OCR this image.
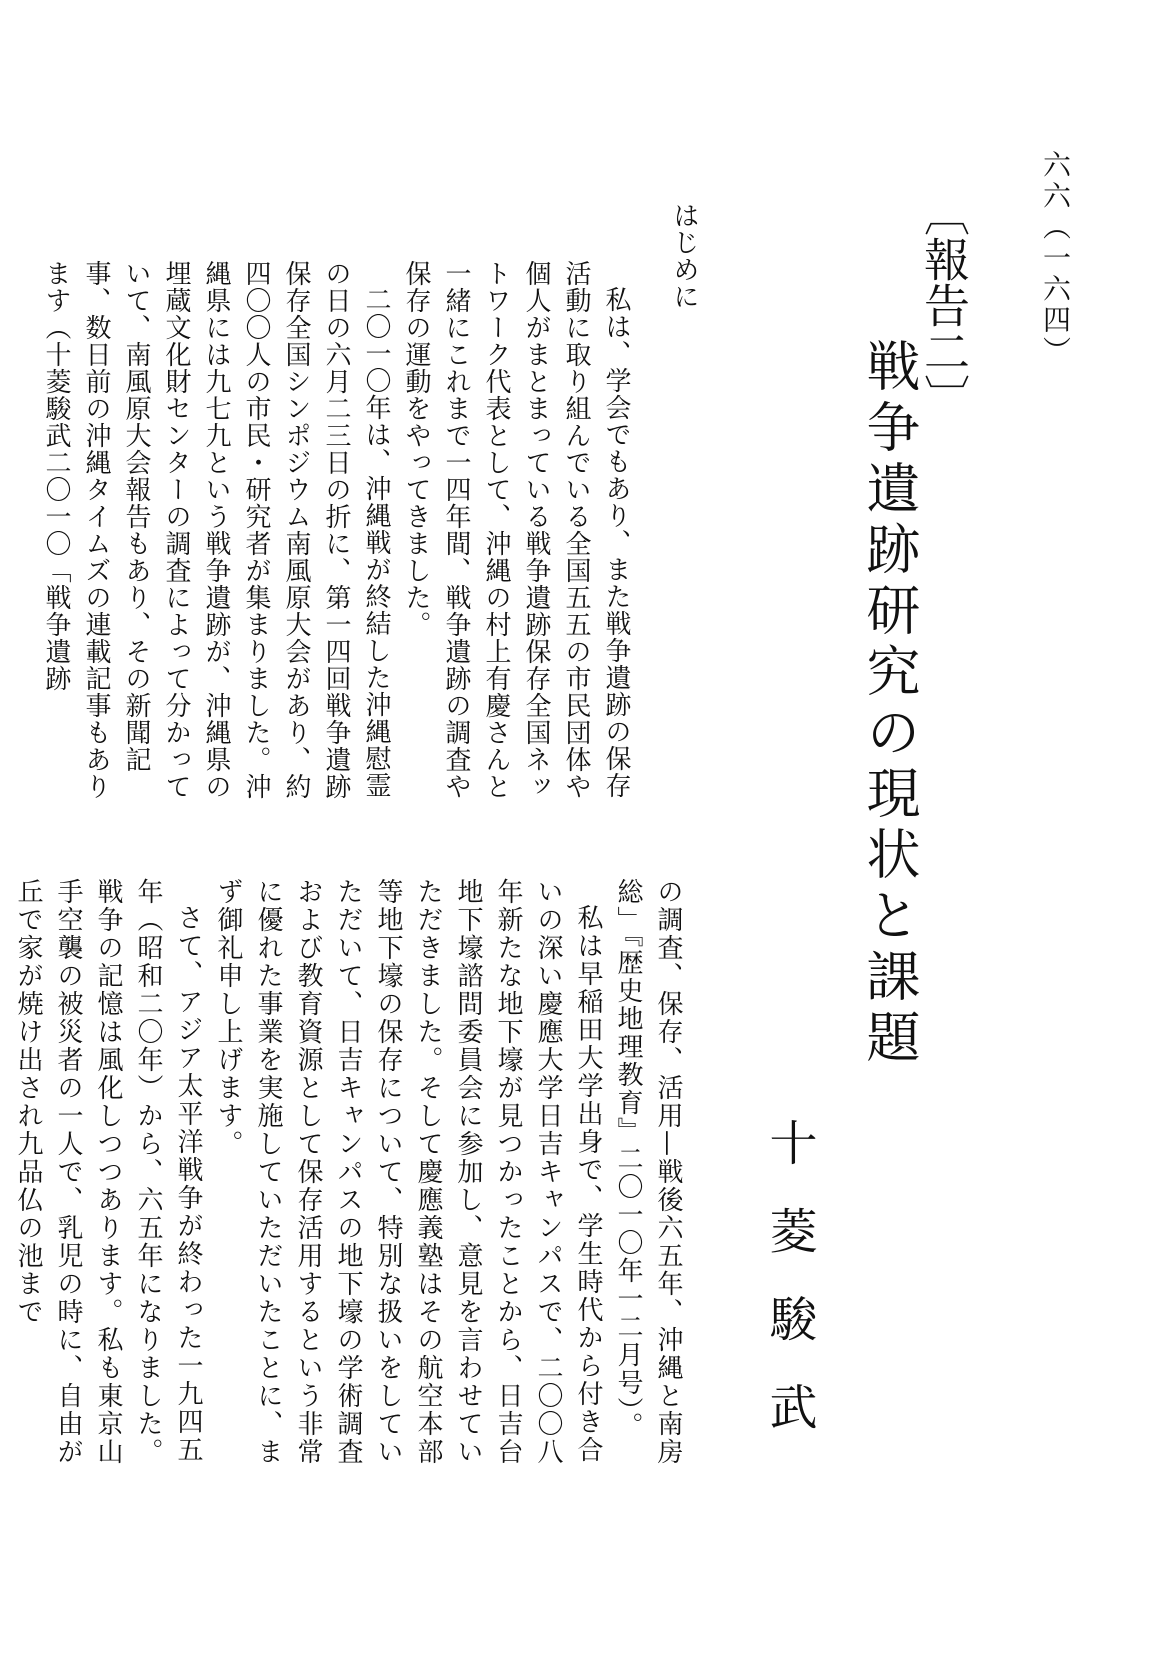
六六（一六四）
〔報告二〕
戦争遺跡研究の現状と課題
十菱駿武
はじめに

私は、学会でもあり、また戦争遺跡の保存活動に取り組んでいる全国五五の市民団体や個人がまとまっている戦争遺跡保存全国ネットワーク代表として、沖縄の村上有慶さんと一緒にこれまで一四年間、戦争遺跡の調査や保存の運動をやってきました。

二〇一〇年は、沖縄戦が終結した沖縄慰霊の日の六月二三日の折に、第一四回戦争遺跡保存全国シンポジウム南風原大会があり、約四〇〇人の市民・研究者が集まりました。沖縄県には九七九という戦争遺跡が、沖縄県の埋蔵文化財センターの調査によって分かっていて、南風原大会報告もあり、その新聞記事、数日前の沖縄タイムズの連載記事もあります（十菱駿武二〇一〇「戦争遺跡

の調査、保存、活用—戦後六五年、沖縄と南房総」『歴史地理教育』二〇一〇年一二月号）。

私は早稲田大学出身で、学生時代から付き合いの深い慶應大学日吉キャンパスで、二〇〇八年新たな地下壕が見つかったことから、日吉台地下壕諮問委員会に参加し、意見を言わせていただきました。そして慶應義塾はその航空本部等地下壕の保存について、特別な扱いをしていただいて、日吉キャンパスの地下壕の学術調査および教育資源として保存活用するという非常に優れた事業を実施していただいたことに、まず御礼申し上げます。

さて、アジア太平洋戦争が終わった一九四五年（昭和二〇年）から、六五年になりました。戦争の記憶は風化しつつあります。私も東京山手空襲の被災者の一人で、乳児の時に、自由が丘で家が焼け出され九品仏の池まで
